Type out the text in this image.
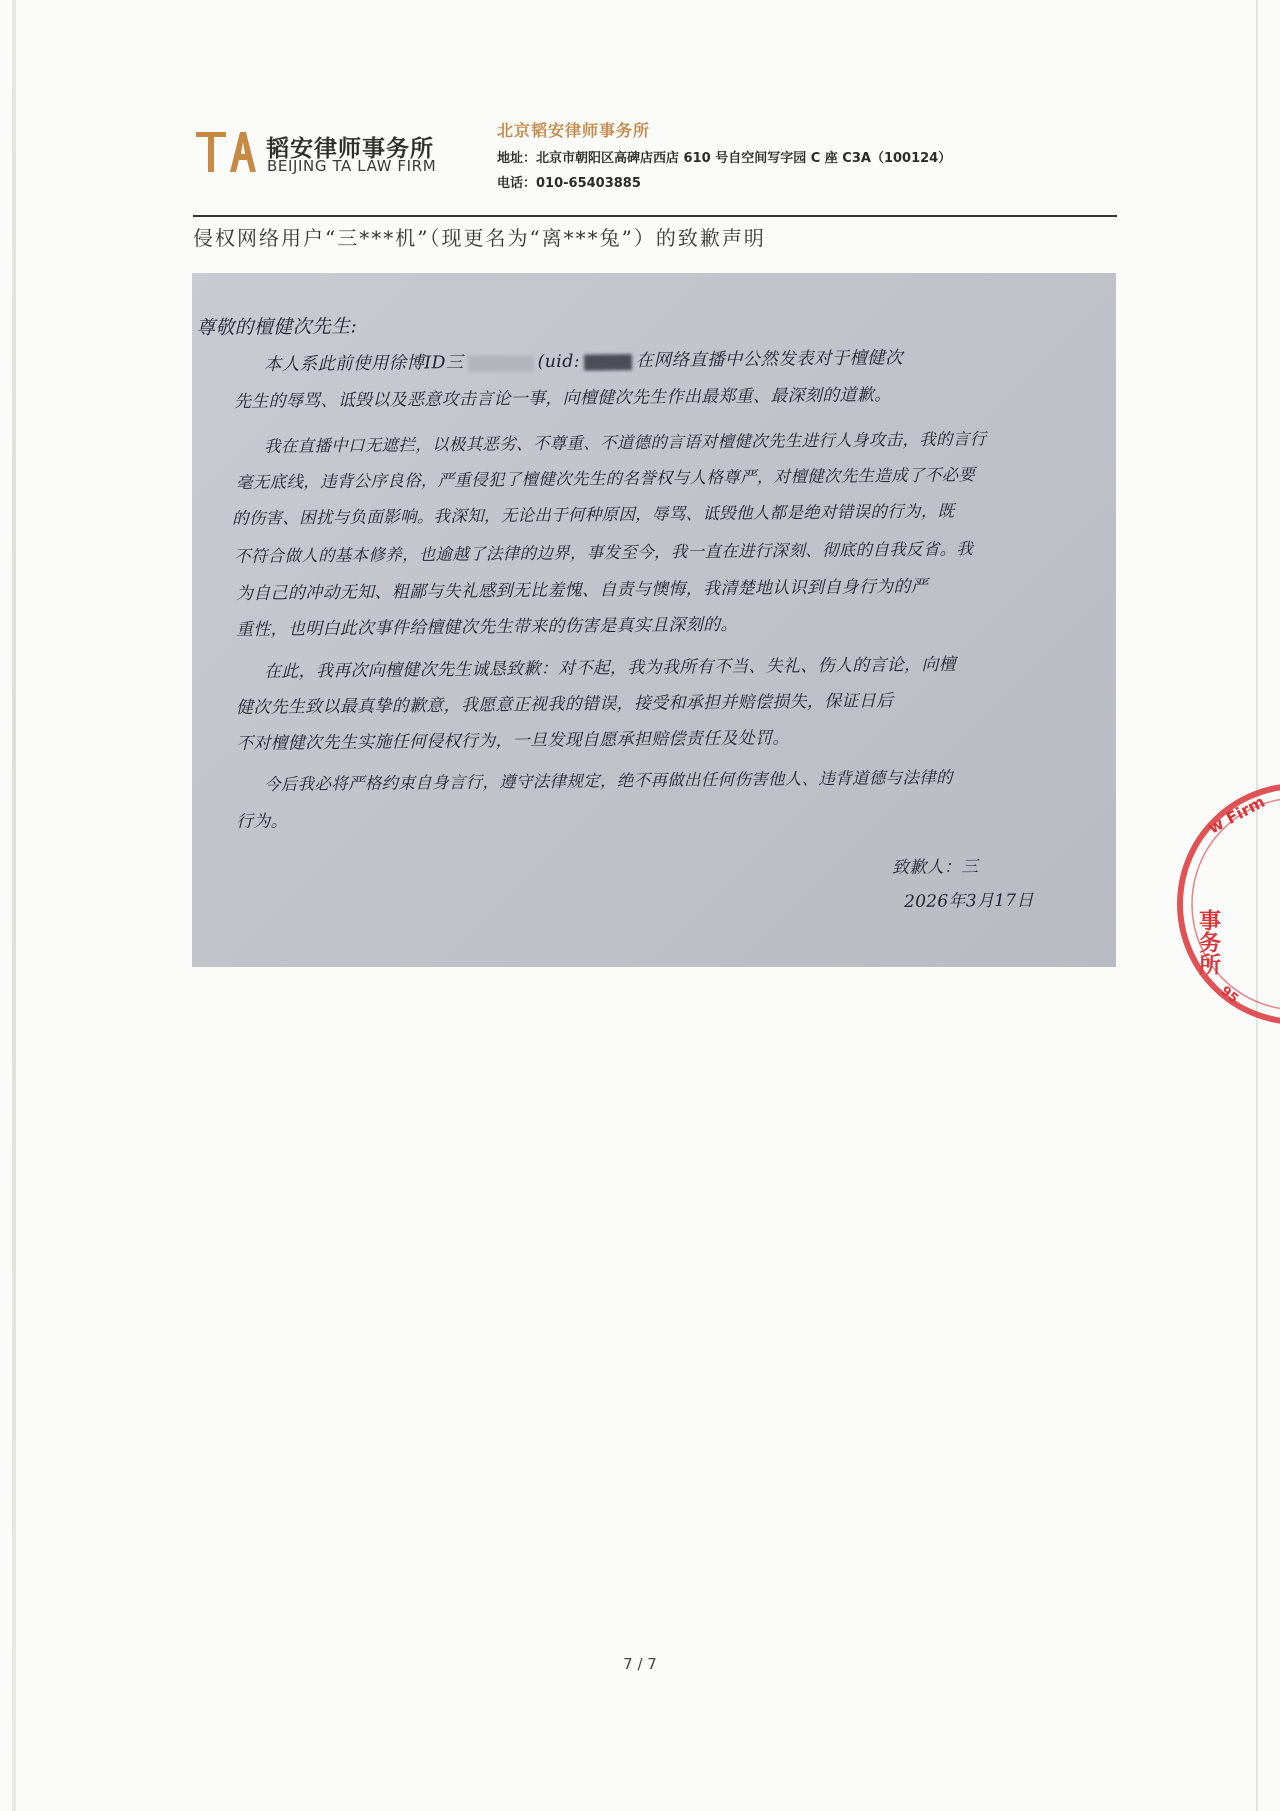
韬安律师事务所
BEIJING TA LAW FIRM
北京韬安律师事务所
地址：北京市朝阳区高碑店西店 610 号自空间写字园 C 座 C3A（100124）
电话：010-65403885
侵权网络用户“三***机”（现更名为“离***兔”）的致歉声明
尊敬的檀健次先生:
本人系此前使用徐博ID三	(uid:	在网络直播中公然发表对于檀健次
先生的辱骂、诋毁以及恶意攻击言论一事，向檀健次先生作出最郑重、最深刻的道歉。
我在直播中口无遮拦，以极其恶劣、不尊重、不道德的言语对檀健次先生进行人身攻击，我的言行
毫无底线，违背公序良俗，严重侵犯了檀健次先生的名誉权与人格尊严，对檀健次先生造成了不必要
的伤害、困扰与负面影响。我深知，无论出于何种原因，辱骂、诋毁他人都是绝对错误的行为，既
不符合做人的基本修养，也逾越了法律的边界，事发至今，我一直在进行深刻、彻底的自我反省。我
为自己的冲动无知、粗鄙与失礼感到无比羞愧、自责与懊悔，我清楚地认识到自身行为的严
重性，也明白此次事件给檀健次先生带来的伤害是真实且深刻的。
在此，我再次向檀健次先生诚恳致歉：对不起，我为我所有不当、失礼、伤人的言论，向檀
健次先生致以最真挚的歉意，我愿意正视我的错误，接受和承担并赔偿损失，保证日后
不对檀健次先生实施任何侵权行为，一旦发现自愿承担赔偿责任及处罚。
今后我必将严格约束自身言行，遵守法律规定，绝不再做出任何伤害他人、违背道德与法律的
行为。
致歉人：三
2026年3月17日
w Firm
事务所
95
7 / 7
